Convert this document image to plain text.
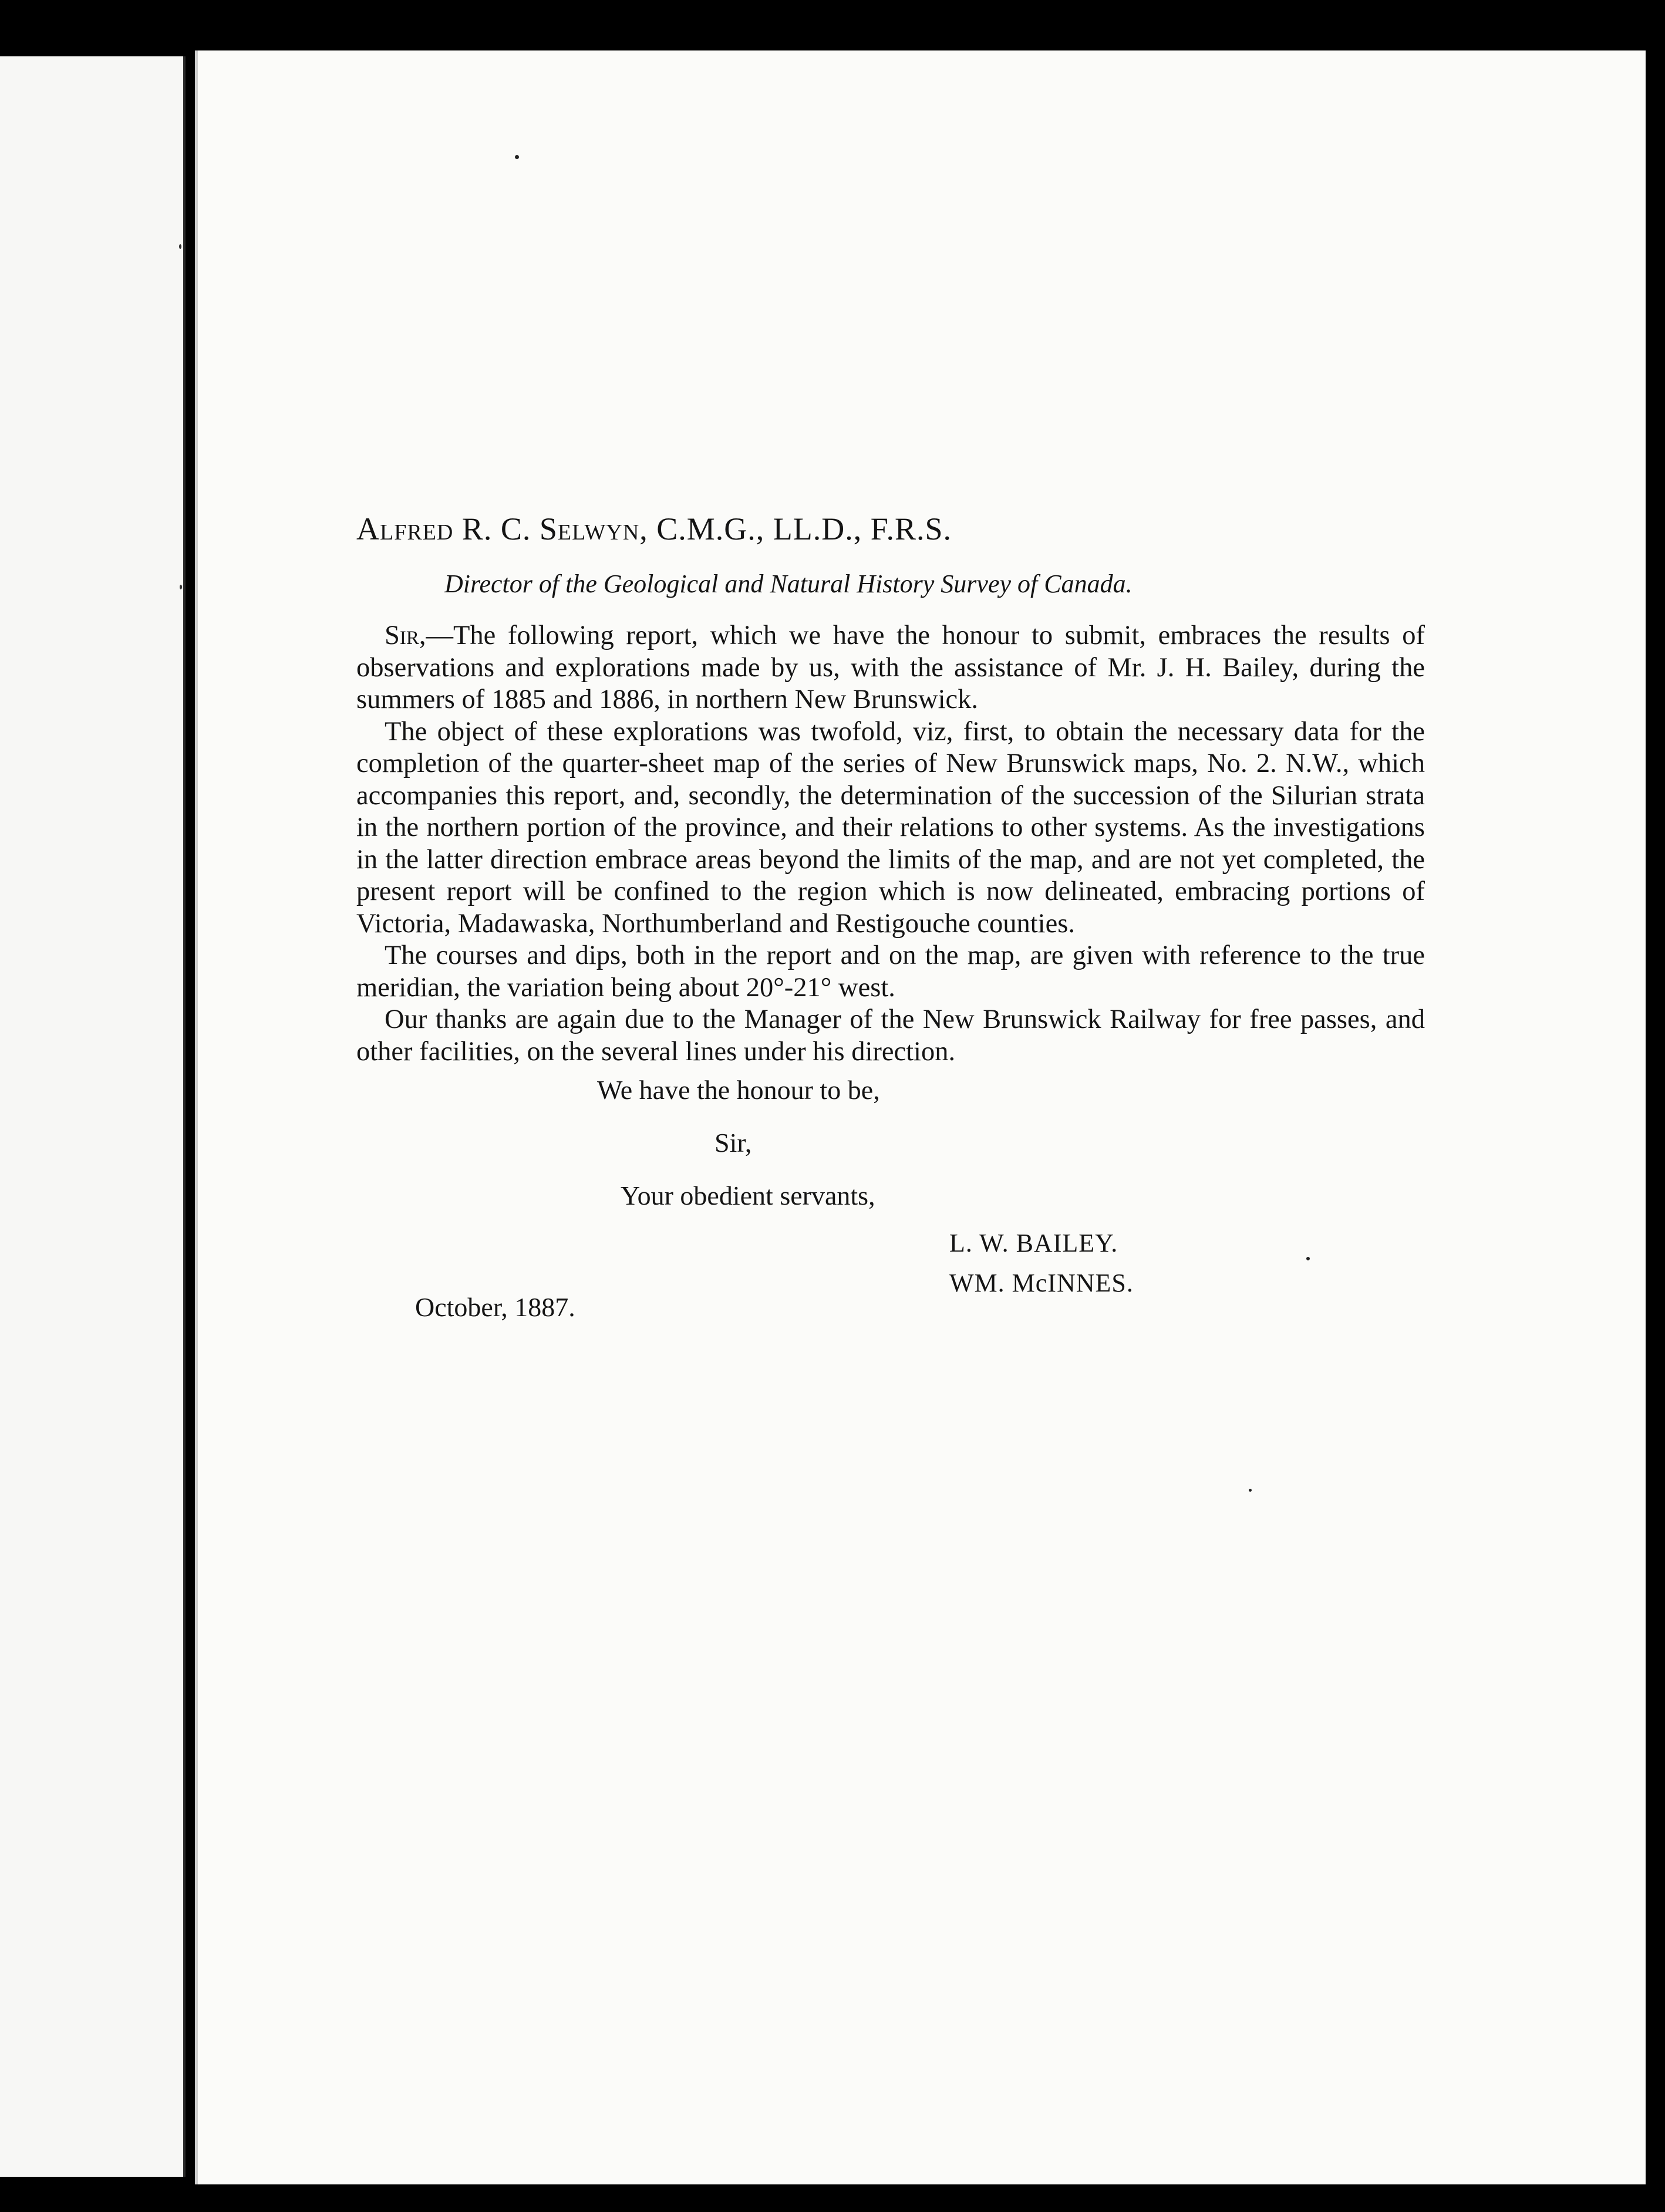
Alfred R. C. Selwyn, C.M.G., LL.D., F.R.S.
Director of the Geological and Natural History Survey of Canada.

Sir,—The following report, which we have the honour to submit, embraces the results of observations and explorations made by us, with the assistance of Mr. J. H. Bailey, during the summers of 1885 and 1886, in northern New Brunswick.

The object of these explorations was twofold, viz, first, to obtain the necessary data for the completion of the quarter-sheet map of the series of New Brunswick maps, No. 2. N.W., which accompanies this report, and, secondly, the determination of the succession of the Silurian strata in the northern portion of the province, and their relations to other systems. As the investigations in the latter direction embrace areas beyond the limits of the map, and are not yet completed, the present report will be confined to the region which is now delineated, embracing portions of Victoria, Madawaska, Northumberland and Restigouche counties.

The courses and dips, both in the report and on the map, are given with reference to the true meridian, the variation being about 20°-21° west.

Our thanks are again due to the Manager of the New Brunswick Railway for free passes, and other facilities, on the several lines under his direction.

We have the honour to be,
Sir,
Your obedient servants,
L. W. BAILEY.
WM. McINNES.
October, 1887.
